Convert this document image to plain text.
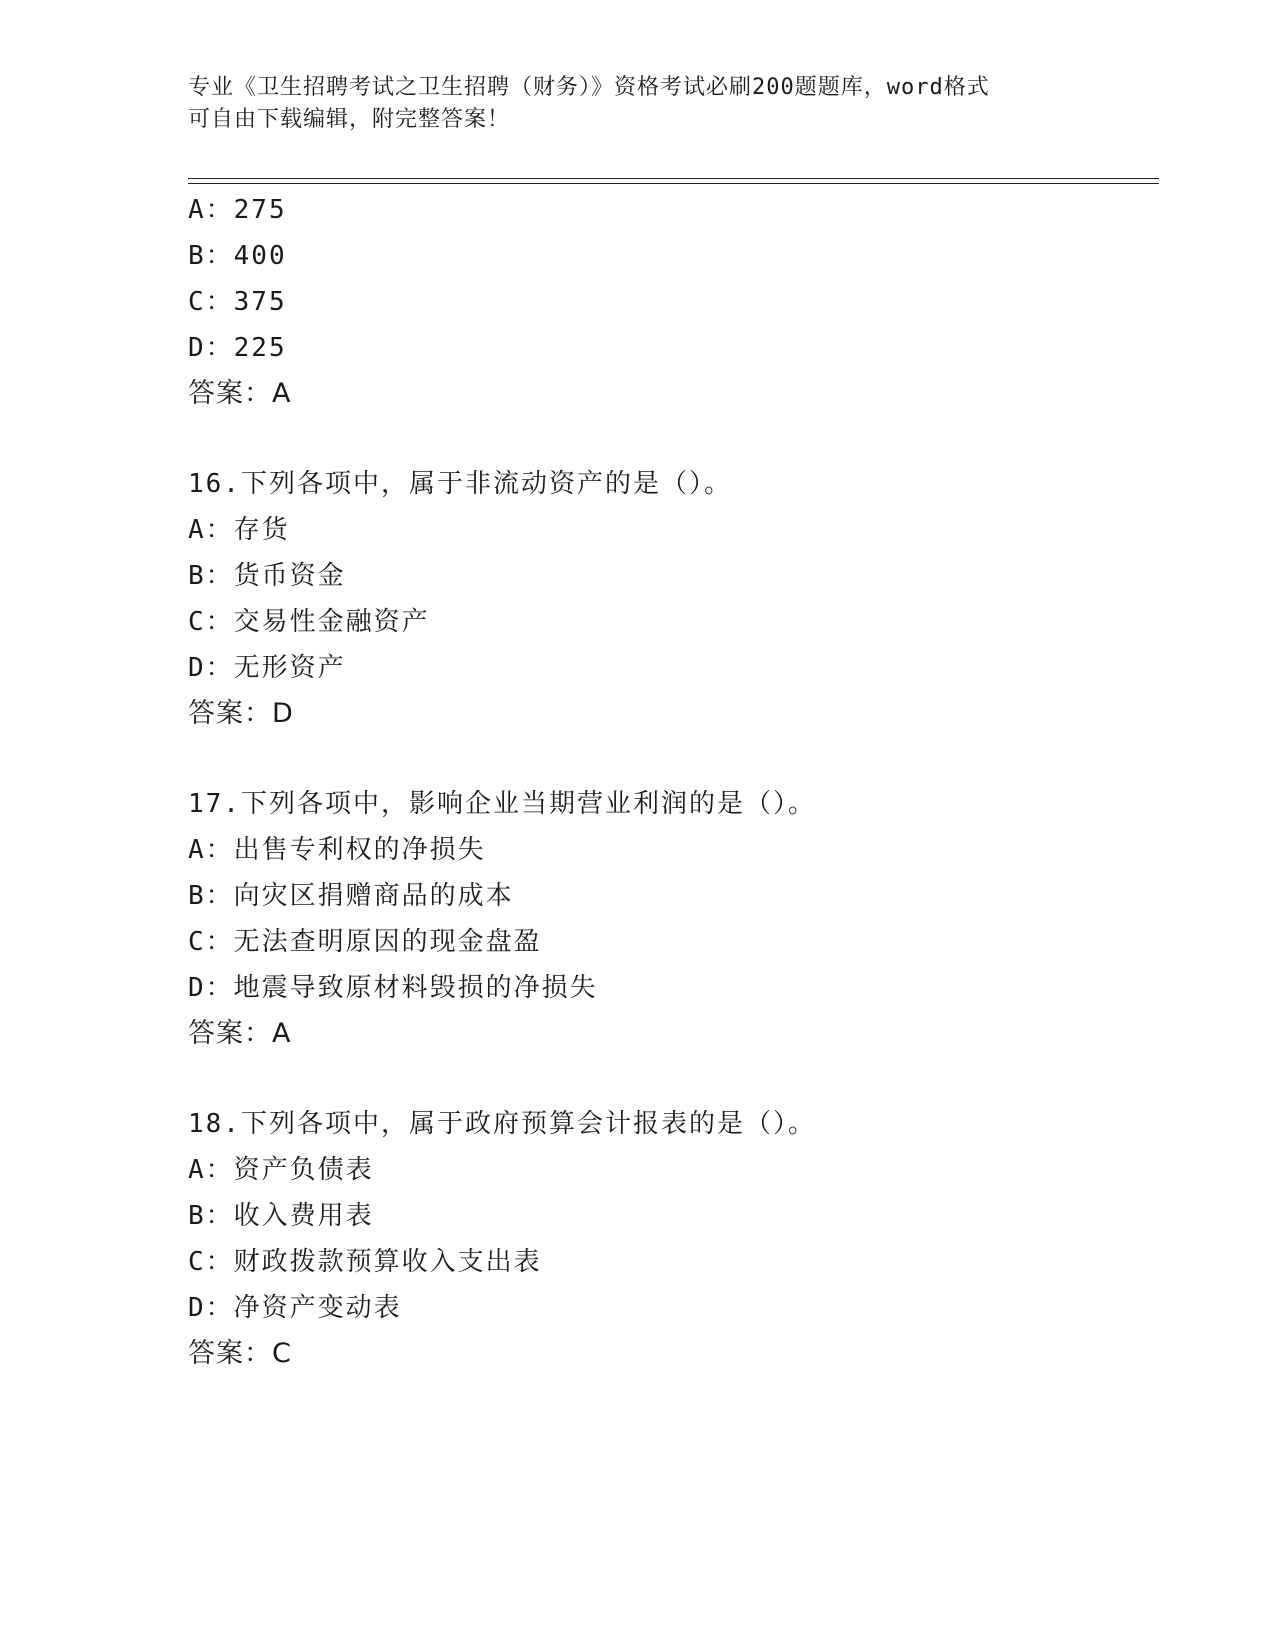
专业《卫生招聘考试之卫生招聘（财务）》资格考试必刷200题题库，word格式
可自由下载编辑，附完整答案！
A：275
B：400
C：375
D：225
答案：A
16.下列各项中，属于非流动资产的是（）。
A：存货
B：货币资金
C：交易性金融资产
D：无形资产
答案：D
17.下列各项中，影响企业当期营业利润的是（）。
A：出售专利权的净损失
B：向灾区捐赠商品的成本
C：无法查明原因的现金盘盈
D：地震导致原材料毁损的净损失
答案：A
18.下列各项中，属于政府预算会计报表的是（）。
A：资产负债表
B：收入费用表
C：财政拨款预算收入支出表
D：净资产变动表
答案：C
